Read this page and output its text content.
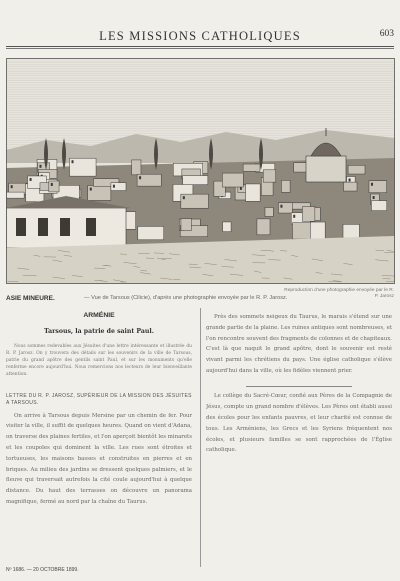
LES MISSIONS CATHOLIQUES	603
ASIE MINEURE.	— Vue de Tarsous (Cilicie), d'après une photographie envoyée par le R. P. Jarosz.
Reproduction d'une photographie envoyée par le R. P. Jarosz
ARMÉNIE
Tarsous, la patrie de saint Paul.
Nous sommes redevables aux Jésuites d'une lettre intéressante et illustrée du R. P. Jarosz. On y trouvera des détails sur les souvenirs de la ville de Tarsous, patrie du grand apôtre des gentils saint Paul, et sur les monuments qu'elle renferme encore aujourd'hui. Nous remercions nos lecteurs de leur bienveillante attention.
LETTRE DU R. P. JAROSZ, SUPÉRIEUR DE LA MISSION DES JÉSUITES A TARSOUS.
On arrive à Tarsous depuis Mersine par un chemin de fer. Pour visiter la ville, il suffit de quelques heures. Quand on vient d'Adana, on traverse des plaines fertiles, et l'on aperçoit bientôt les minarets et les coupoles qui dominent la ville. Les rues sont étroites et tortueuses, les maisons basses et construites en pierres et en briques. Au milieu des jardins se dressent quelques palmiers, et le fleuve qui traversait autrefois la cité coule aujourd'hui à quelque distance. Du haut des terrasses on découvre un panorama magnifique, fermé au nord par la chaîne du Taurus.
Près des sommets neigeux du Taurus, le marais s'étend sur une grande partie de la plaine. Les ruines antiques sont nombreuses, et l'on rencontre souvent des fragments de colonnes et de chapiteaux. C'est là que naquit le grand apôtre, dont le souvenir est resté vivant parmi les chrétiens du pays. Une église catholique s'élève aujourd'hui dans la ville, où les fidèles viennent prier.
Le collège du Sacré-Cœur, confié aux Pères de la Compagnie de Jésus, compte un grand nombre d'élèves. Les Pères ont établi aussi des écoles pour les enfants pauvres, et leur charité est connue de tous. Les Arméniens, les Grecs et les Syriens fréquentent nos écoles, et plusieurs familles se sont rapprochées de l'Église catholique.
Nº 1686. — 20 OCTOBRE 1899.
